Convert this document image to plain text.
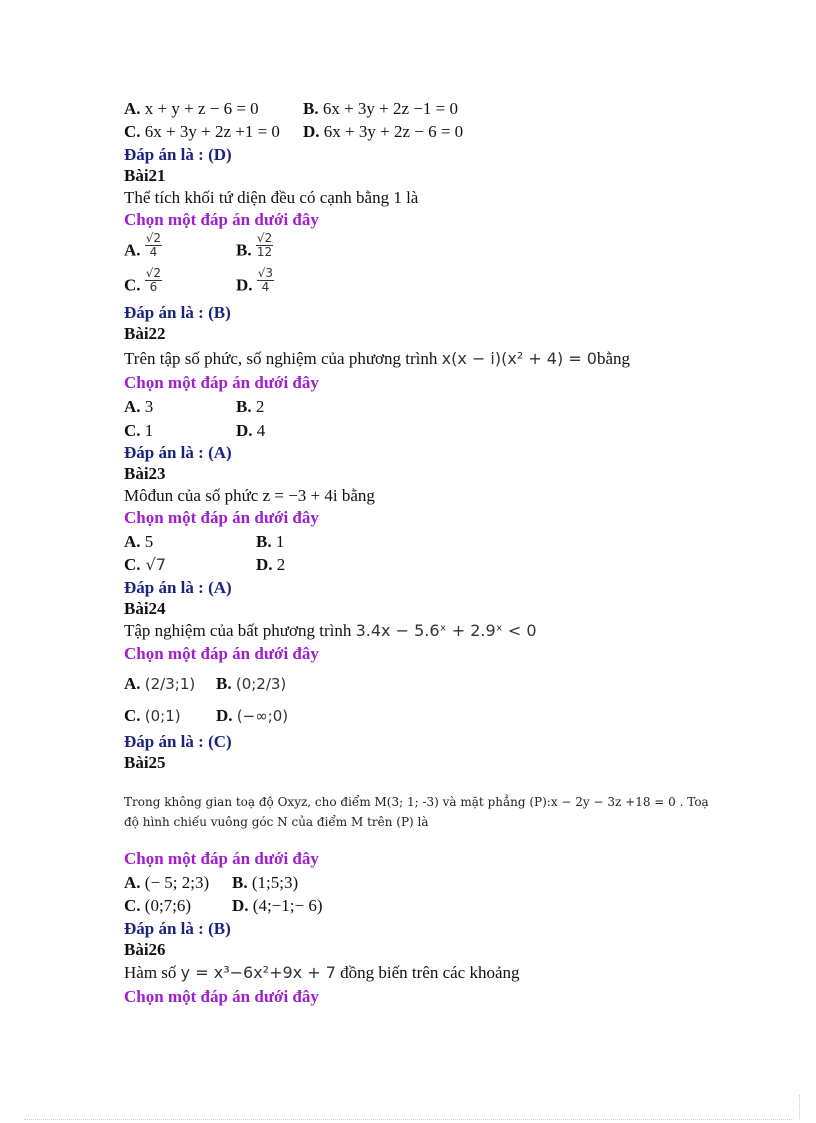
A. x + y + z − 6 = 0	B. 6x + 3y + 2z −1 = 0
C. 6x + 3y + 2z +1 = 0 D. 6x + 3y + 2z − 6 = 0
Đáp án là : (D)
Bài21
Thể tích khối tứ diện đều có cạnh bằng 1 là
Chọn một đáp án dưới đây
A. $\frac{√2}{4}$	B. $\frac{√2}{12}$
C. $\frac{√2}{6}$	D. $\frac{√3}{4}$
Đáp án là : (B)
Bài22
Trên tập số phức, số nghiệm của phương trình x(x − i)(x² + 4) = 0bằng
Chọn một đáp án dưới đây
A. 3	B. 2
C. 1	D. 4
Đáp án là : (A)
Bài23
Môđun của số phức z = −3 + 4i bằng
Chọn một đáp án dưới đây
A. 5	B. 1
C. √7	D. 2
Đáp án là : (A)
Bài24
Tập nghiệm của bất phương trình 3.4x − 5.6ˣ + 2.9ˣ < 0
Chọn một đáp án dưới đây
A. (2/3;1) B. (0;2/3)
C. (0;1) D. (−∞;0)
Đáp án là : (C)
Bài25
Trong không gian toạ độ Oxyz, cho điểm M(3; 1; -3) và mặt phẳng (P):x − 2y − 3z +18 = 0 . Toạ
độ hình chiếu vuông góc N của điểm M trên (P) là
Chọn một đáp án dưới đây
A. (− 5; 2;3) B. (1;5;3)
C. (0;7;6) D. (4;−1;− 6)
Đáp án là : (B)
Bài26
Hàm số y = x³−6x²+9x + 7 đồng biến trên các khoảng
Chọn một đáp án dưới đây
